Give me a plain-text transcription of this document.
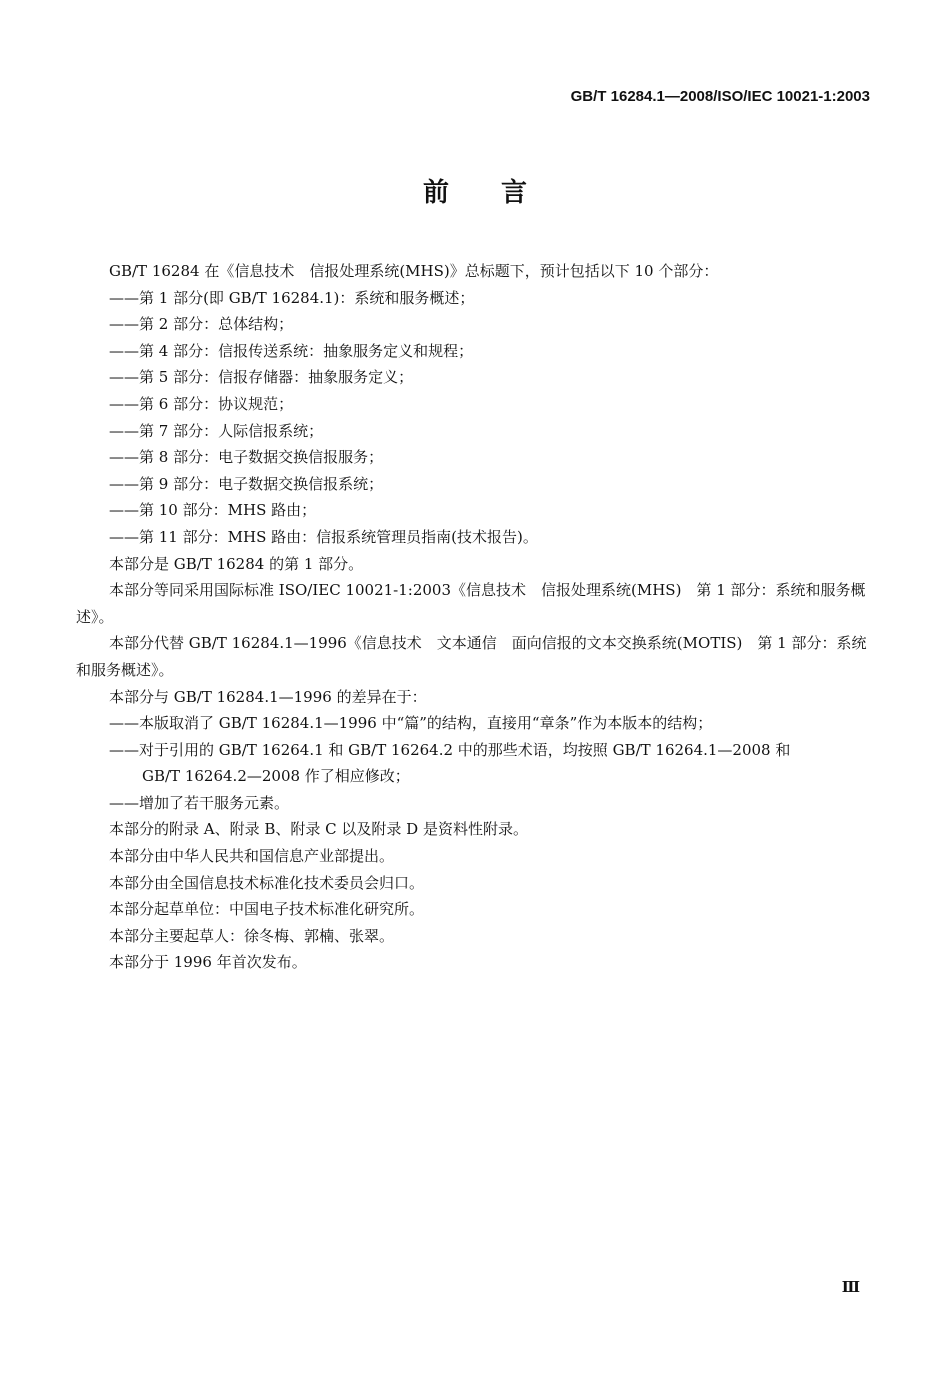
GB/T 16284.1—2008/ISO/IEC 10021-1:2003
前言

GB/T 16284 在《信息技术　信报处理系统(MHS)》总标题下，预计包括以下 10 个部分：

——第 1 部分(即 GB/T 16284.1)：系统和服务概述；

——第 2 部分：总体结构；

——第 4 部分：信报传送系统：抽象服务定义和规程；

——第 5 部分：信报存储器：抽象服务定义；

——第 6 部分：协议规范；

——第 7 部分：人际信报系统；

——第 8 部分：电子数据交换信报服务；

——第 9 部分：电子数据交换信报系统；

——第 10 部分：MHS 路由；

——第 11 部分：MHS 路由：信报系统管理员指南(技术报告)。

本部分是 GB/T 16284 的第 1 部分。

本部分等同采用国际标准 ISO/IEC 10021-1:2003《信息技术　信报处理系统(MHS)　第 1 部分：系统和服务概述》。

本部分代替 GB/T 16284.1—1996《信息技术　文本通信　面向信报的文本交换系统(MOTIS)　第 1 部分：系统和服务概述》。

本部分与 GB/T 16284.1—1996 的差异在于：

——本版取消了 GB/T 16284.1—1996 中“篇”的结构，直接用“章条”作为本版本的结构；

——对于引用的 GB/T 16264.1 和 GB/T 16264.2 中的那些术语，均按照 GB/T 16264.1—2008 和
GB/T 16264.2—2008 作了相应修改；

——增加了若干服务元素。

本部分的附录 A、附录 B、附录 C 以及附录 D 是资料性附录。

本部分由中华人民共和国信息产业部提出。

本部分由全国信息技术标准化技术委员会归口。

本部分起草单位：中国电子技术标准化研究所。

本部分主要起草人：徐冬梅、郭楠、张翠。

本部分于 1996 年首次发布。

Ⅲ
